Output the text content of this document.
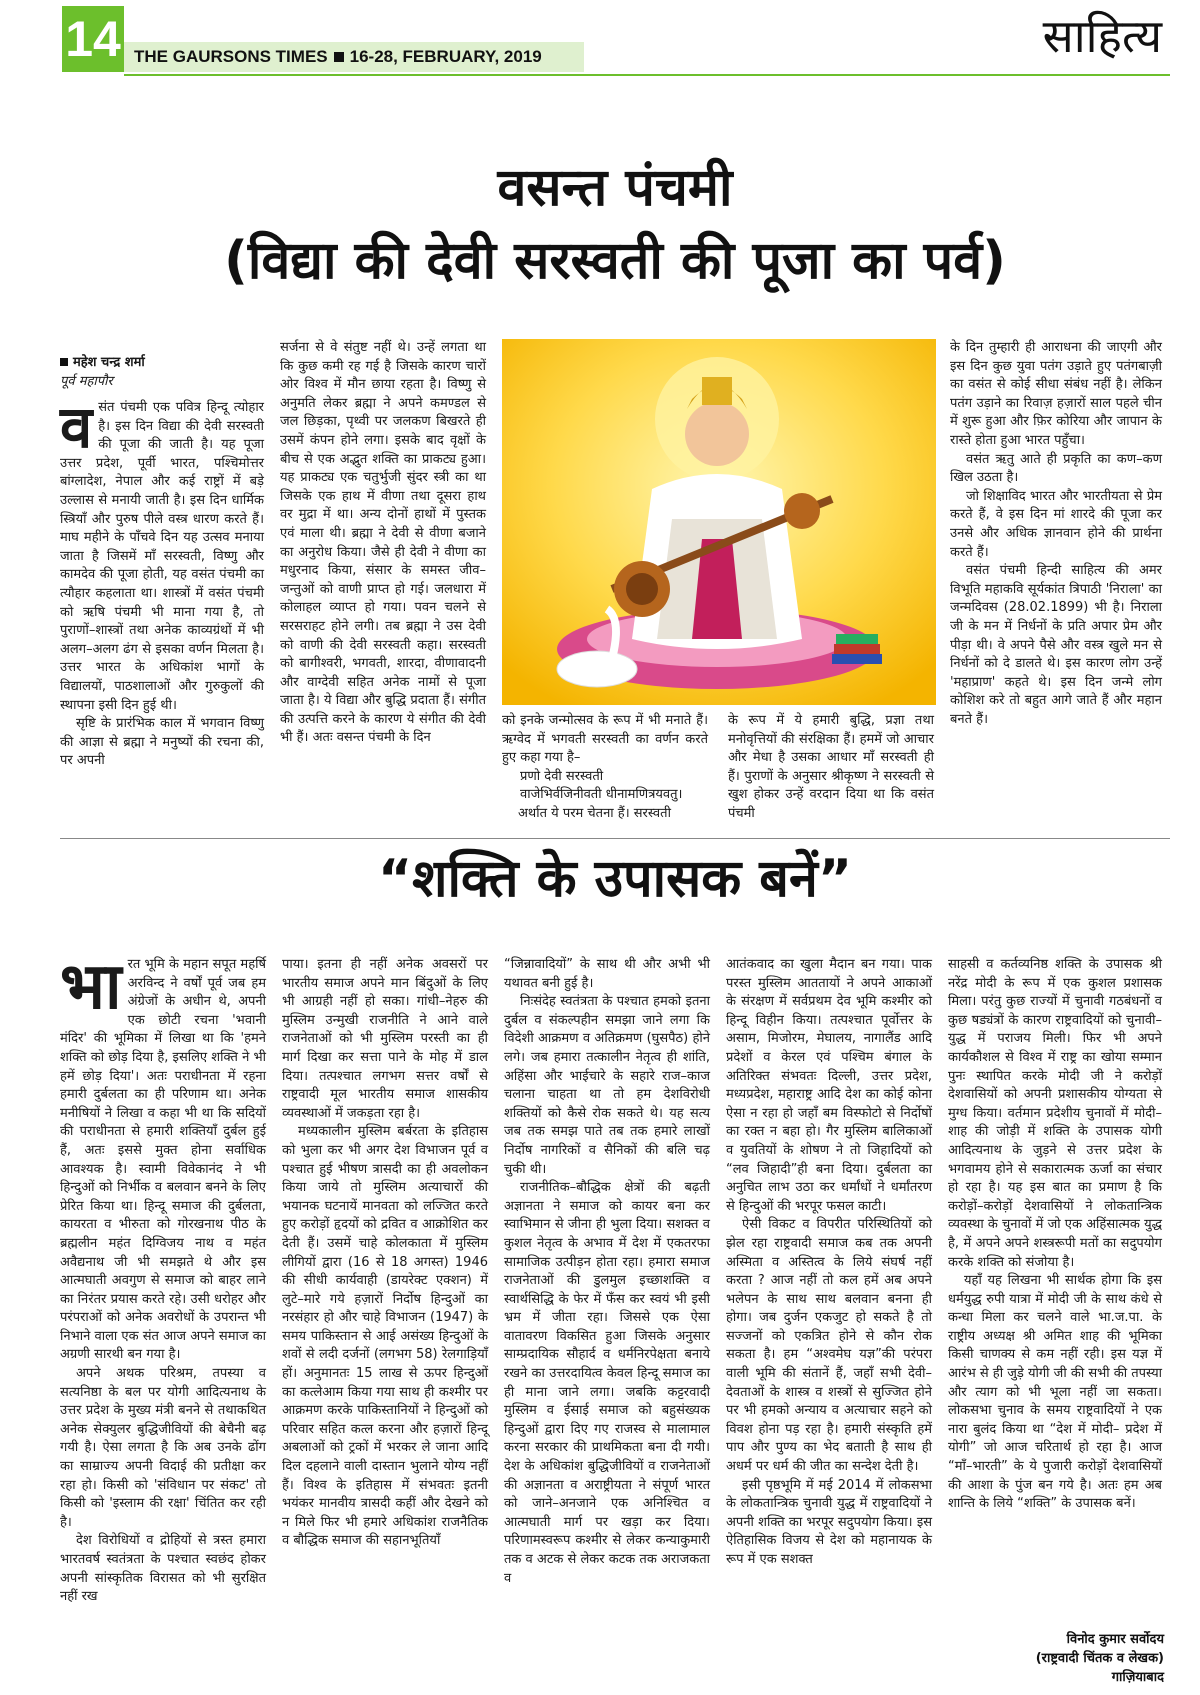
14 THE GAURSONS TIMES 16-28, FEBRUARY, 2019	साहित्य
वसन्त पंचमी
(विद्या की देवी सरस्वती की पूजा का पर्व)
महेश चन्द्र शर्मा
पूर्व महापौर

वसंत पंचमी एक पवित्र हिन्दू त्योहार है। इस दिन विद्या की देवी सरस्वती की पूजा की जाती है। यह पूजा उत्तर प्रदेश, पूर्वी भारत, पश्चिमोत्तर बांग्लादेश, नेपाल और कई राष्ट्रों में बड़े उल्लास से मनायी जाती है। इस दिन धार्मिक स्त्रियाँ और पुरुष पीले वस्त्र धारण करते हैं। माघ महीने के पाँचवे दिन यह उत्सव मनाया जाता है जिसमें माँ सरस्वती, विष्णु और कामदेव की पूजा होती, यह वसंत पंचमी का त्यौहार कहलाता था। शास्त्रों में वसंत पंचमी को ऋषि पंचमी भी माना गया है, तो पुराणों–शास्त्रों तथा अनेक काव्यग्रंथों में भी अलग–अलग ढंग से इसका वर्णन मिलता है। उत्तर भारत के अधिकांश भागों के विद्यालयों, पाठशालाओं और गुरुकुलों की स्थापना इसी दिन हुई थी।

सृष्टि के प्रारंभिक काल में भगवान विष्णु की आज्ञा से ब्रह्मा ने मनुष्यों की रचना की, पर अपनी

सर्जना से वे संतुष्ट नहीं थे। उन्हें लगता था कि कुछ कमी रह गई है जिसके कारण चारों ओर विश्व में मौन छाया रहता है। विष्णु से अनुमति लेकर ब्रह्मा ने अपने कमण्डल से जल छिड़का, पृथ्वी पर जलकण बिखरते ही उसमें कंपन होने लगा। इसके बाद वृक्षों के बीच से एक अद्भुत शक्ति का प्राकट्य हुआ। यह प्राकट्य एक चतुर्भुजी सुंदर स्त्री का था जिसके एक हाथ में वीणा तथा दूसरा हाथ वर मुद्रा में था। अन्य दोनों हाथों में पुस्तक एवं माला थी। ब्रह्मा ने देवी से वीणा बजाने का अनुरोध किया। जैसे ही देवी ने वीणा का मधुरनाद किया, संसार के समस्त जीव–जन्तुओं को वाणी प्राप्त हो गई। जलधारा में कोलाहल व्याप्त हो गया। पवन चलने से सरसराहट होने लगी। तब ब्रह्मा ने उस देवी को वाणी की देवी सरस्वती कहा। सरस्वती को बागीश्वरी, भगवती, शारदा, वीणावादनी और वाग्देवी सहित अनेक नामों से पूजा जाता है। ये विद्या और बुद्धि प्रदाता हैं। संगीत की उत्पत्ति करने के कारण ये संगीत की देवी भी हैं। अतः वसन्त पंचमी के दिन

को इनके जन्मोत्सव के रूप में भी मनाते हैं। ऋग्वेद में भगवती सरस्वती का वर्णन करते हुए कहा गया है–

प्रणो देवी सरस्वती

वाजेभिर्वजिनीवती धीनामणित्रयवतु।

अर्थात ये परम चेतना हैं। सरस्वती

के रूप में ये हमारी बुद्धि, प्रज्ञा तथा मनोवृत्तियों की संरक्षिका हैं। हममें जो आचार और मेधा है उसका आधार माँ सरस्वती ही हैं। पुराणों के अनुसार श्रीकृष्ण ने सरस्वती से खुश होकर उन्हें वरदान दिया था कि वसंत पंचमी

के दिन तुम्हारी ही आराधना की जाएगी और इस दिन कुछ युवा पतंग उड़ाते हुए पतंगबाज़ी का वसंत से कोई सीधा संबंध नहीं है। लेकिन पतंग उड़ाने का रिवाज़ हज़ारों साल पहले चीन में शुरू हुआ और फ़िर कोरिया और जापान के रास्ते होता हुआ भारत पहुँचा।

वसंत ऋतु आते ही प्रकृति का कण–कण खिल उठता है।

जो शिक्षाविद भारत और भारतीयता से प्रेम करते हैं, वे इस दिन मां शारदे की पूजा कर उनसे और अधिक ज्ञानवान होने की प्रार्थना करते हैं।

वसंत पंचमी हिन्दी साहित्य की अमर विभूति महाकवि सूर्यकांत त्रिपाठी 'निराला' का जन्मदिवस (28.02.1899) भी है। निराला जी के मन में निर्धनों के प्रति अपार प्रेम और पीड़ा थी। वे अपने पैसे और वस्त्र खुले मन से निर्धनों को दे डालते थे। इस कारण लोग उन्हें 'महाप्राण' कहते थे। इस दिन जन्मे लोग कोशिश करे तो बहुत आगे जाते हैं और महान बनते हैं।

“शक्ति के उपासक बनें”

भारत भूमि के महान सपूत महर्षि अरविन्द ने वर्षों पूर्व जब हम अंग्रेजों के अधीन थे, अपनी एक छोटी रचना 'भवानी मंदिर' की भूमिका में लिखा था कि 'हमने शक्ति को छोड़ दिया है, इसलिए शक्ति ने भी हमें छोड़ दिया'। अतः पराधीनता में रहना हमारी दुर्बलता का ही परिणाम था। अनेक मनीषियों ने लिखा व कहा भी था कि सदियों की पराधीनता से हमारी शक्तियाँ दुर्बल हुई हैं, अतः इससे मुक्त होना सर्वाधिक आवश्यक है। स्वामी विवेकानंद ने भी हिन्दुओं को निर्भीक व बलवान बनने के लिए प्रेरित किया था। हिन्दू समाज की दुर्बलता, कायरता व भीरुता को गोरखनाथ पीठ के ब्रह्मलीन महंत दिग्विजय नाथ व महंत अवैद्यनाथ जी भी समझते थे और इस आत्मघाती अवगुण से समाज को बाहर लाने का निरंतर प्रयास करते रहे। उसी धरोहर और परंपराओं को अनेक अवरोधों के उपरान्त भी निभाने वाला एक संत आज अपने समाज का अग्रणी सारथी बन गया है।

अपने अथक परिश्रम, तपस्या व सत्यनिष्ठा के बल पर योगी आदित्यनाथ के उत्तर प्रदेश के मुख्य मंत्री बनने से तथाकथित अनेक सेक्युलर बुद्धिजीवियों की बेचैनी बढ़ गयी है। ऐसा लगता है कि अब उनके ढोंग का साम्राज्य अपनी विदाई की प्रतीक्षा कर रहा हो। किसी को 'संविधान पर संकट' तो किसी को 'इस्लाम की रक्षा' चिंतित कर रही है।

देश विरोधियों व द्रोहियों से त्रस्त हमारा भारतवर्ष स्वतंत्रता के पश्चात स्वछंद होकर अपनी सांस्कृतिक विरासत को भी सुरक्षित नहीं रख

पाया। इतना ही नहीं अनेक अवसरों पर भारतीय समाज अपने मान बिंदुओं के लिए भी आग्रही नहीं हो सका। गांधी–नेहरु की मुस्लिम उन्मुखी राजनीति ने आने वाले राजनेताओं को भी मुस्लिम परस्ती का ही मार्ग दिखा कर सत्ता पाने के मोह में डाल दिया। तत्पश्चात लगभग सत्तर वर्षों से राष्ट्रवादी मूल भारतीय समाज शासकीय व्यवस्थाओं में जकड़ता रहा है।

मध्यकालीन मुस्लिम बर्बरता के इतिहास को भुला कर भी अगर देश विभाजन पूर्व व पश्चात हुई भीषण त्रासदी का ही अवलोकन किया जाये तो मुस्लिम अत्याचारों की भयानक घटनायें मानवता को लज्जित करते हुए करोड़ों हृदयों को द्रवित व आक्रोशित कर देती हैं। उसमें चाहे कोलकाता में मुस्लिम लीगियों द्वारा (16 से 18 अगस्त) 1946 की सीधी कार्यवाही (डायरेक्ट एक्शन) में लुटे–मारे गये हज़ारों निर्दोष हिन्दुओं का नरसंहार हो और चाहे विभाजन (1947) के समय पाकिस्तान से आई असंख्य हिन्दुओं के शवों से लदी दर्जनों (लगभग 58) रेलगाड़ियाँ हों। अनुमानतः 15 लाख से ऊपर हिन्दुओं का कत्लेआम किया गया साथ ही कश्मीर पर आक्रमण करके पाकिस्तानियों ने हिन्दुओं को परिवार सहित कत्ल करना और हज़ारों हिन्दू अबलाओं को ट्रकों में भरकर ले जाना आदि दिल दहलाने वाली दास्तान भुलाने योग्य नहीं हैं। विश्व के इतिहास में संभवतः इतनी भयंकर मानवीय त्रासदी कहीं और देखने को न मिले फिर भी हमारे अधिकांश राजनैतिक व बौद्धिक समाज की सहानभूतियाँ

“जिन्नावादियों” के साथ थी और अभी भी यथावत बनी हुई है।

निःसंदेह स्वतंत्रता के पश्चात हमको इतना दुर्बल व संकल्पहीन समझा जाने लगा कि विदेशी आक्रमण व अतिक्रमण (घुसपैठ) होने लगे। जब हमारा तत्कालीन नेतृत्व ही शांति, अहिंसा और भाईचारे के सहारे राज–काज चलाना चाहता था तो हम देशविरोधी शक्तियों को कैसे रोक सकते थे। यह सत्य जब तक समझ पाते तब तक हमारे लाखों निर्दोष नागरिकों व सैनिकों की बलि चढ़ चुकी थी।

राजनीतिक–बौद्धिक क्षेत्रों की बढ़ती अज्ञानता ने समाज को कायर बना कर स्वाभिमान से जीना ही भुला दिया। सशक्त व कुशल नेतृत्व के अभाव में देश में एकतरफा सामाजिक उत्पीड़न होता रहा। हमारा समाज राजनेताओं की डुलमुल इच्छाशक्ति व स्वार्थसिद्धि के फेर में फँस कर स्वयं भी इसी भ्रम में जीता रहा। जिससे एक ऐसा वातावरण विकसित हुआ जिसके अनुसार साम्प्रदायिक सौहार्द व धर्मनिरपेक्षता बनाये रखने का उत्तरदायित्व केवल हिन्दू समाज का ही माना जाने लगा। जबकि कट्टरवादी मुस्लिम व ईसाई समाज को बहुसंख्यक हिन्दुओं द्वारा दिए गए राजस्व से मालामाल करना सरकार की प्राथमिकता बना दी गयी। देश के अधिकांश बुद्धिजीवियों व राजनेताओं की अज्ञानता व अराष्ट्रीयता ने संपूर्ण भारत को जाने–अनजाने एक अनिश्चित व आत्मघाती मार्ग पर खड़ा कर दिया। परिणामस्वरूप कश्मीर से लेकर कन्याकुमारी तक व अटक से लेकर कटक तक अराजकता व

आतंकवाद का खुला मैदान बन गया। पाक परस्त मुस्लिम आततायों ने अपने आकाओं के संरक्षण में सर्वप्रथम देव भूमि कश्मीर को हिन्दू विहीन किया। तत्पश्चात पूर्वोत्तर के असाम, मिजोरम, मेघालय, नागालैंड आदि प्रदेशों व केरल एवं पश्चिम बंगाल के अतिरिक्त संभवतः दिल्ली, उत्तर प्रदेश, मध्यप्रदेश, महाराष्ट्र आदि देश का कोई कोना ऐसा न रहा हो जहाँ बम विस्फोटो से निर्दोषों का रक्त न बहा हो। गैर मुस्लिम बालिकाओं व युवतियों के शोषण ने तो जिहादियों को “लव जिहादी”ही बना दिया। दुर्बलता का अनुचित लाभ उठा कर धर्मांधों ने धर्मांतरण से हिन्दुओं की भरपूर फसल काटी।

ऐसी विकट व विपरीत परिस्थितियों को झेल रहा राष्ट्रवादी समाज कब तक अपनी अस्मिता व अस्तित्व के लिये संघर्ष नहीं करता ? आज नहीं तो कल हमें अब अपने भलेपन के साथ साथ बलवान बनना ही होगा। जब दुर्जन एकजुट हो सकते है तो सज्जनों को एकत्रित होने से कौन रोक सकता है। हम “अश्वमेघ यज्ञ”की परंपरा वाली भूमि की संतानें हैं, जहाँ सभी देवी–देवताओं के शास्त्र व शस्त्रों से सुज्जित होने पर भी हमको अन्याय व अत्याचार सहने को विवश होना पड़ रहा है। हमारी संस्कृति हमें पाप और पुण्य का भेद बताती है साथ ही अधर्म पर धर्म की जीत का सन्देश देती है।

इसी पृष्ठभूमि में मई 2014 में लोकसभा के लोकतान्त्रिक चुनावी युद्ध में राष्ट्रवादियों ने अपनी शक्ति का भरपूर सदुपयोग किया। इस ऐतिहासिक विजय से देश को महानायक के रूप में एक सशक्त

साहसी व कर्तव्यनिष्ठ शक्ति के उपासक श्री नरेंद्र मोदी के रूप में एक कुशल प्रशासक मिला। परंतु कुछ राज्यों में चुनावी गठबंधनों व कुछ षड्यंत्रों के कारण राष्ट्रवादियों को चुनावी–युद्ध में पराजय मिली। फिर भी अपने कार्यकौशल से विश्व में राष्ट्र का खोया सम्मान पुनः स्थापित करके मोदी जी ने करोड़ों देशवासियों को अपनी प्रशासकीय योग्यता से मुग्ध किया। वर्तमान प्रदेशीय चुनावों में मोदी–शाह की जोड़ी में शक्ति के उपासक योगी आदित्यनाथ के जुड़ने से उत्तर प्रदेश के भगवामय होने से सकारात्मक ऊर्जा का संचार हो रहा है। यह इस बात का प्रमाण है कि करोड़ों–करोड़ों देशवासियों ने लोकतान्त्रिक व्यवस्था के चुनावों में जो एक अहिंसात्मक युद्ध है, में अपने अपने शस्त्ररूपी मतों का सदुपयोग करके शक्ति को संजोया है।

यहाँ यह लिखना भी सार्थक होगा कि इस धर्मयुद्ध रुपी यात्रा में मोदी जी के साथ कंधे से कन्धा मिला कर चलने वाले भा.ज.पा. के राष्ट्रीय अध्यक्ष श्री अमित शाह की भूमिका किसी चाणक्य से कम नहीं रही। इस यज्ञ में आरंभ से ही जुड़े योगी जी की सभी की तपस्या और त्याग को भी भूला नहीं जा सकता। लोकसभा चुनाव के समय राष्ट्रवादियों ने एक नारा बुलंद किया था “देश में मोदी– प्रदेश में योगी” जो आज चरितार्थ हो रहा है। आज “माँ–भारती” के ये पुजारी करोड़ों देशवासियों की आशा के पुंज बन गये है। अतः हम अब शान्ति के लिये “शक्ति” के उपासक बनें।

विनोद कुमार सर्वोदय
(राष्ट्रवादी चिंतक व लेखक)
गाज़ियाबाद
